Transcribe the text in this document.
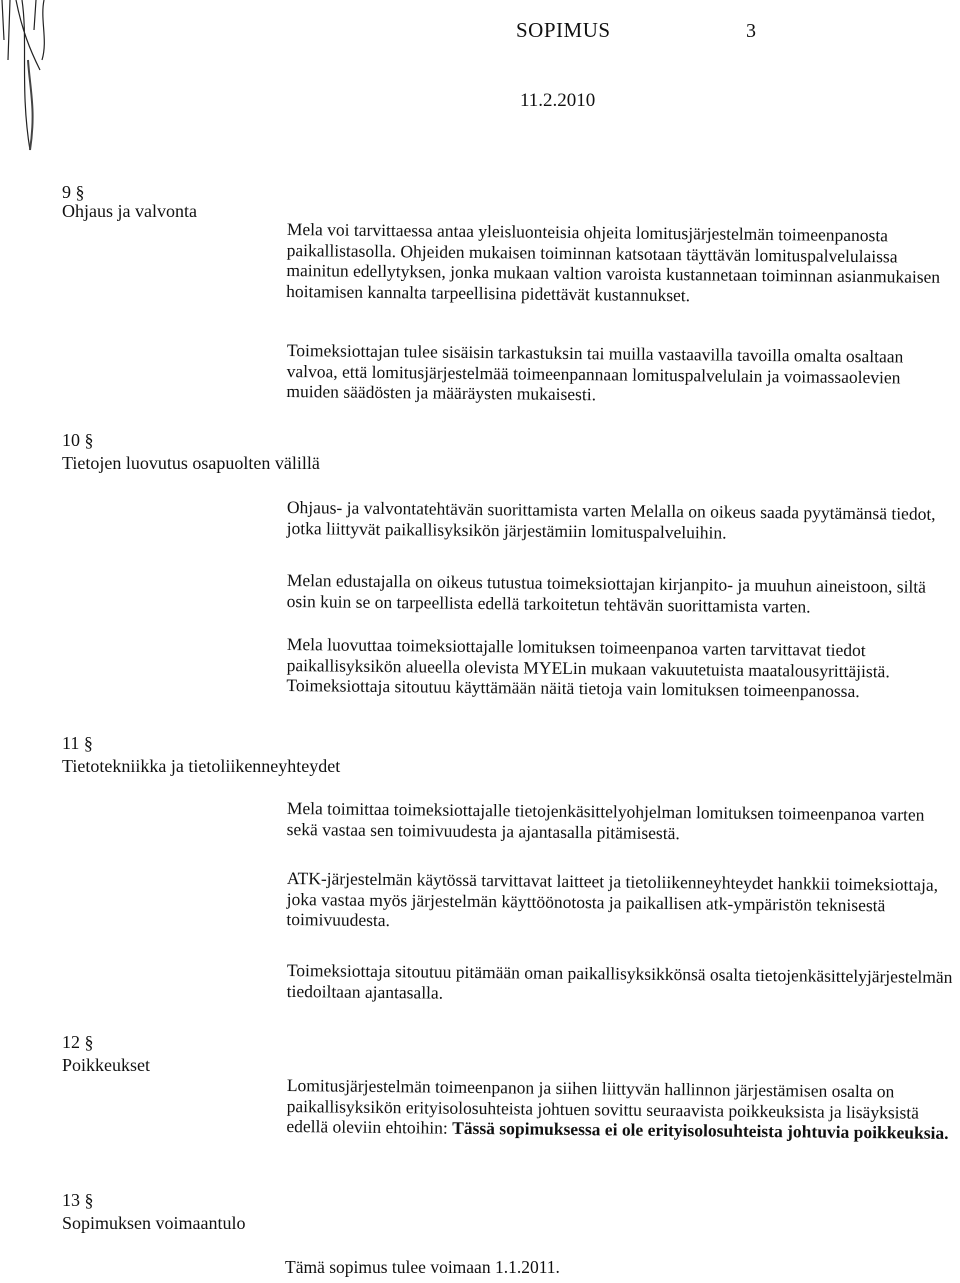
SOPIMUS	3
11.2.2010
9 §
Ohjaus ja valvonta

Mela voi tarvittaessa antaa yleisluonteisia ohjeita lomitusjärjestelmän toimeenpanosta paikallistasolla. Ohjeiden mukaisen toiminnan katsotaan täyttävän lomituspalvelulaissa mainitun edellytyksen, jonka mukaan valtion varoista kustannetaan toiminnan asianmukaisen hoitamisen kannalta tarpeellisina pidettävät kustannukset.

Toimeksiottajan tulee sisäisin tarkastuksin tai muilla vastaavilla tavoilla omalta osaltaan valvoa, että lomitusjärjestelmää toimeenpannaan lomituspalvelulain ja voimassaolevien muiden säädösten ja määräysten mukaisesti.

10 §
Tietojen luovutus osapuolten välillä

Ohjaus- ja valvontatehtävän suorittamista varten Melalla on oikeus saada pyytämänsä tiedot, jotka liittyvät paikallisyksikön järjestämiin lomituspalveluihin.

Melan edustajalla on oikeus tutustua toimeksiottajan kirjanpito- ja muuhun aineistoon, siltä osin kuin se on tarpeellista edellä tarkoitetun tehtävän suorittamista varten.

Mela luovuttaa toimeksiottajalle lomituksen toimeenpanoa varten tarvittavat tiedot paikallisyksikön alueella olevista MYELin mukaan vakuutetuista maatalousyrittäjistä. Toimeksiottaja sitoutuu käyttämään näitä tietoja vain lomituksen toimeenpanossa.

11 §
Tietotekniikka ja tietoliikenneyhteydet

Mela toimittaa toimeksiottajalle tietojenkäsittelyohjelman lomituksen toimeenpanoa varten sekä vastaa sen toimivuudesta ja ajantasalla pitämisestä.

ATK-järjestelmän käytössä tarvittavat laitteet ja tietoliikenneyhteydet hankkii toimeksiottaja, joka vastaa myös järjestelmän käyttöönotosta ja paikallisen atk-ympäristön teknisestä toimivuudesta.

Toimeksiottaja sitoutuu pitämään oman paikallisyksikkönsä osalta tietojenkäsittelyjärjestelmän tiedoiltaan ajantasalla.

12 §
Poikkeukset

Lomitusjärjestelmän toimeenpanon ja siihen liittyvän hallinnon järjestämisen osalta on paikallisyksikön erityisolosuhteista johtuen sovittu seuraavista poikkeuksista ja lisäyksistä edellä oleviin ehtoihin: Tässä sopimuksessa ei ole erityisolosuhteista johtuvia poikkeuksia.

13 §
Sopimuksen voimaantulo

Tämä sopimus tulee voimaan 1.1.2011.
